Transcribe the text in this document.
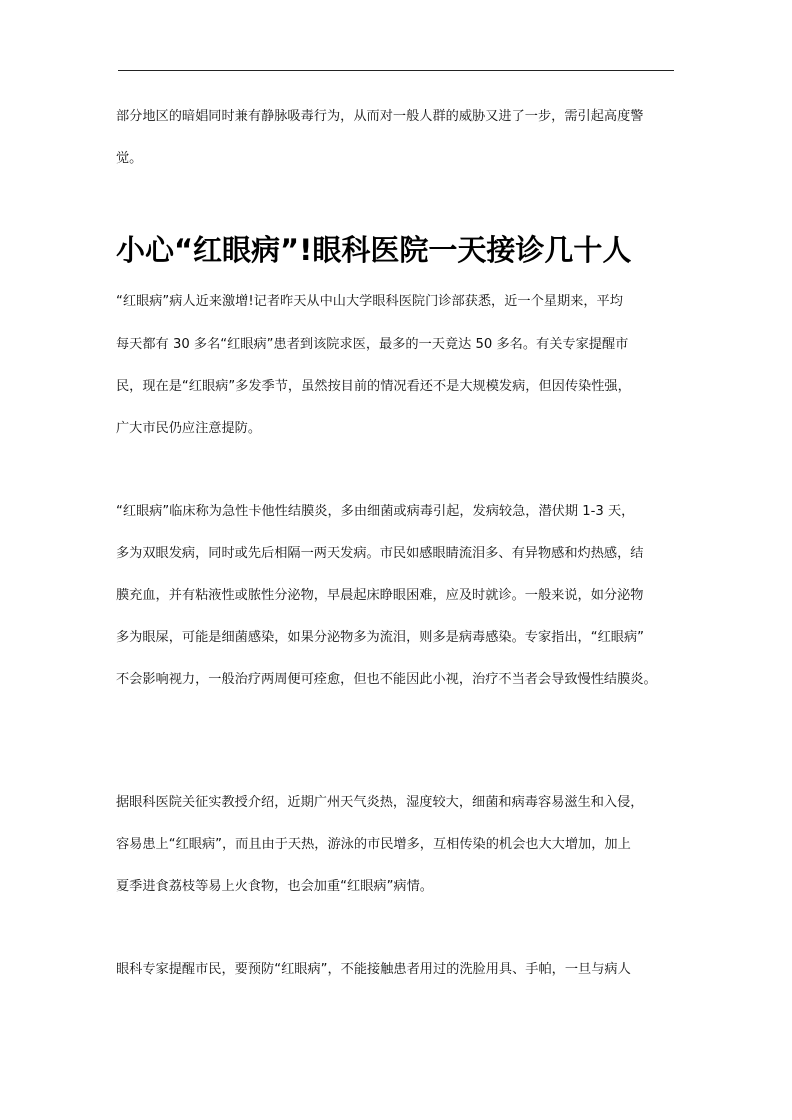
部分地区的暗娼同时兼有静脉吸毒行为，从而对一般人群的威胁又进了一步，需引起高度警
觉。
小心“红眼病”!眼科医院一天接诊几十人
“红眼病”病人近来激增!记者昨天从中山大学眼科医院门诊部获悉，近一个星期来，平均
每天都有 30 多名“红眼病”患者到该院求医，最多的一天竟达 50 多名。有关专家提醒市
民，现在是“红眼病”多发季节，虽然按目前的情况看还不是大规模发病，但因传染性强，
广大市民仍应注意提防。
“红眼病”临床称为急性卡他性结膜炎，多由细菌或病毒引起，发病较急，潜伏期 1-3 天，
多为双眼发病，同时或先后相隔一两天发病。市民如感眼睛流泪多、有异物感和灼热感，结
膜充血，并有粘液性或脓性分泌物，早晨起床睁眼困难，应及时就诊。一般来说，如分泌物
多为眼屎，可能是细菌感染，如果分泌物多为流泪，则多是病毒感染。专家指出，“红眼病”
不会影响视力，一般治疗两周便可痊愈，但也不能因此小视，治疗不当者会导致慢性结膜炎。
据眼科医院关征实教授介绍，近期广州天气炎热，湿度较大，细菌和病毒容易滋生和入侵，
容易患上“红眼病”，而且由于天热，游泳的市民增多，互相传染的机会也大大增加，加上
夏季进食荔枝等易上火食物，也会加重“红眼病”病情。
眼科专家提醒市民，要预防“红眼病”，不能接触患者用过的洗脸用具、手帕，一旦与病人
